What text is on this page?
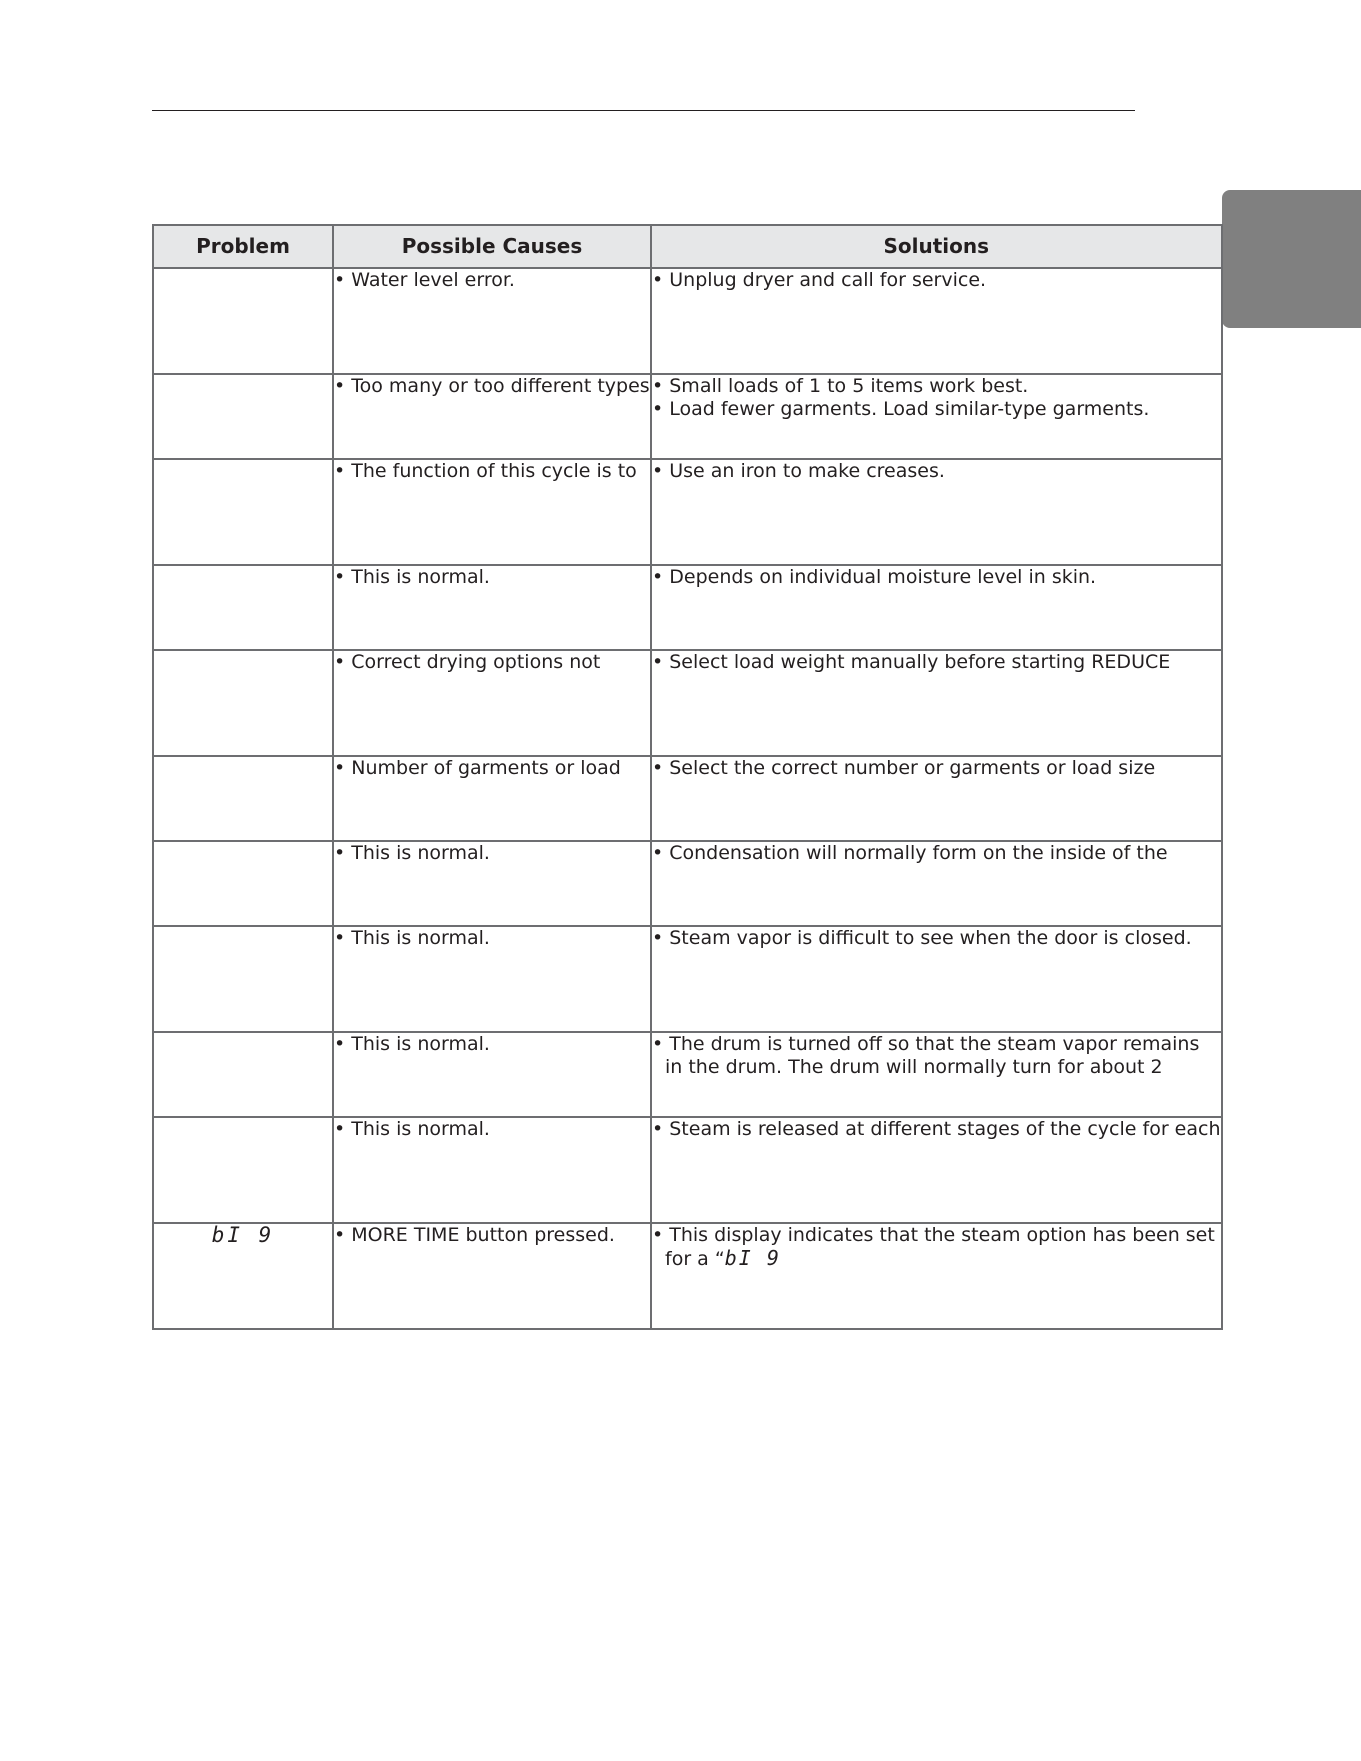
Problem	Possible Causes	Solutions

	• Water level error.	• Unplug dryer and call for service.

	• Too many or too different types	• Small loads of 1 to 5 items work best.
• Load fewer garments. Load similar-type garments.

	• The function of this cycle is to	• Use an iron to make creases.

	• This is normal.	• Depends on individual moisture level in skin.

	• Correct drying options not	• Select load weight manually before starting REDUCE

	• Number of garments or load	• Select the correct number or garments or load size

	• This is normal.	• Condensation will normally form on the inside of the

	• This is normal.	• Steam vapor is difficult to see when the door is closed.

	• This is normal.	• The drum is turned off so that the steam vapor remains
in the drum. The drum will normally turn for about 2

	• This is normal.	• Steam is released at different stages of the cycle for each

bI 9	• MORE TIME button pressed.	• This display indicates that the steam option has been set
for a “bI 9
